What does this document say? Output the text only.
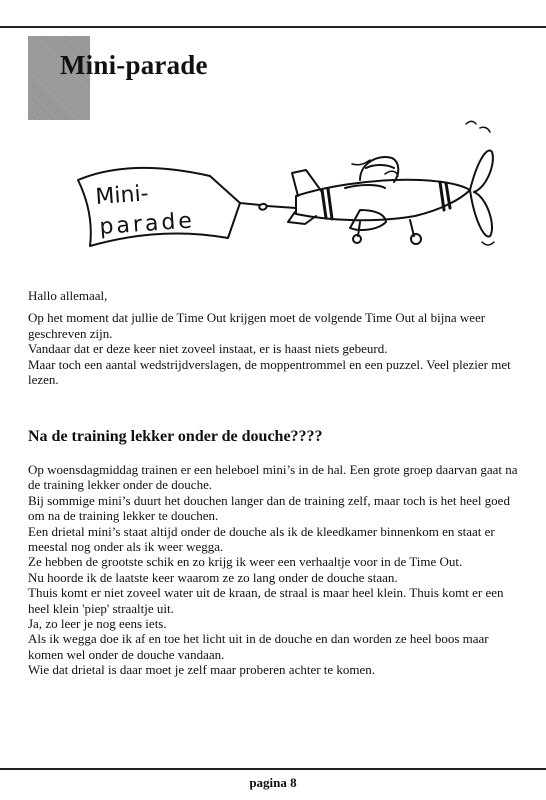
Mini-parade
Mini-
parade
Hallo allemaal,

Op het moment dat jullie de Time Out krijgen moet de volgende Time Out al bijna weer geschreven zijn.

Vandaar dat er deze keer niet zoveel instaat, er is haast niets gebeurd.

Maar toch een aantal wedstrijdverslagen, de moppentrommel en een puzzel. Veel plezier met lezen.

Na de training lekker onder de douche????

Op woensdagmiddag trainen er een heleboel mini’s in de hal. Een grote groep daarvan gaat na de training lekker onder de douche.

Bij sommige mini’s duurt het douchen langer dan de training zelf, maar toch is het heel goed om na de training lekker te douchen.

Een drietal mini’s staat altijd onder de douche als ik de kleedkamer binnenkom en staat er meestal nog onder als ik weer wegga.

Ze hebben de grootste schik en zo krijg ik weer een verhaaltje voor in de Time Out.

Nu hoorde ik de laatste keer waarom ze zo lang onder de douche staan.

Thuis komt er niet zoveel water uit de kraan, de straal is maar heel klein. Thuis komt er een heel klein 'piep' straaltje uit.

Ja, zo leer je nog eens iets.

Als ik wegga doe ik af en toe het licht uit in de douche en dan worden ze heel boos maar komen wel onder de douche vandaan.

Wie dat drietal is daar moet je zelf maar proberen achter te komen.

pagina 8
